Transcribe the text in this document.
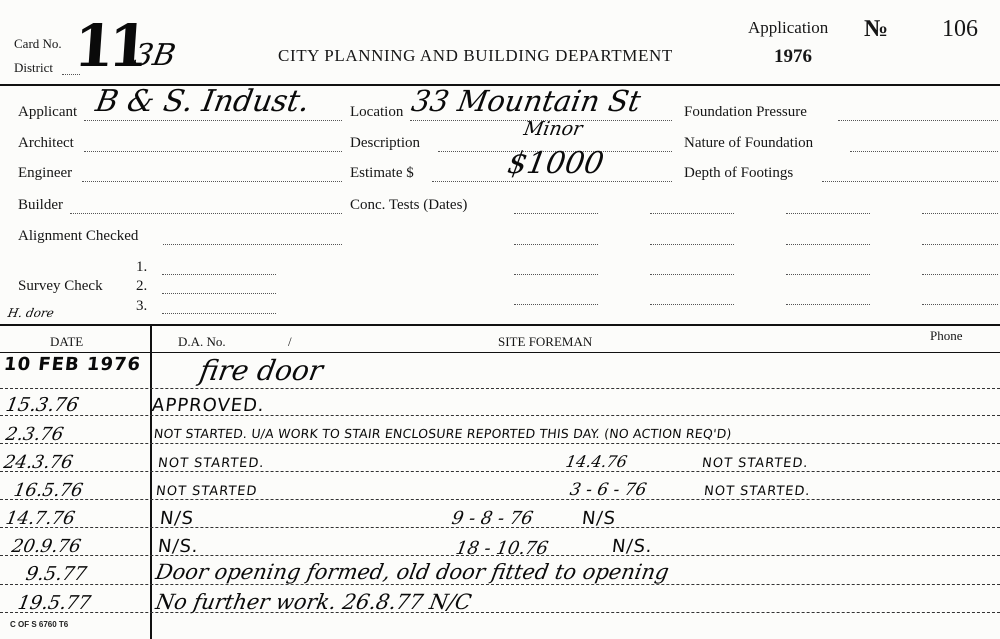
Card No.
District 11
3B	CITY PLANNING AND BUILDING DEPARTMENT
Application
1976
№ 106
Applicant B & S. Indust.
Architect
Engineer
Builder
Alignment Checked
1.
Survey Check 2.
3.
H. dore
Location 33 Mountain St
Description
Minor
Estimate $	$1000
Conc. Tests (Dates)
Foundation Pressure
Nature of Foundation
Depth of Footings
DATE	D.A. No.	/	SITE FOREMAN	Phone
10 FEB 1976 fire door
15.3.76	APPROVED.
2.3.76	NOT STARTED. U/A WORK TO STAIR ENCLOSURE REPORTED THIS DAY. (NO ACTION REQ'D)
24.3.76	NOT STARTED.	14.4.76	NOT STARTED.
16.5.76	NOT STARTED	3 - 6 - 76	NOT STARTED.
14.7.76	N/S	9 - 8 - 76	N/S
20.9.76	N/S.	18 - 10.76	N/S.
9.5.77	Door opening formed, old door fitted to opening
19.5.77	No further work. 26.8.77 N/C
C OF S 6760 T6
